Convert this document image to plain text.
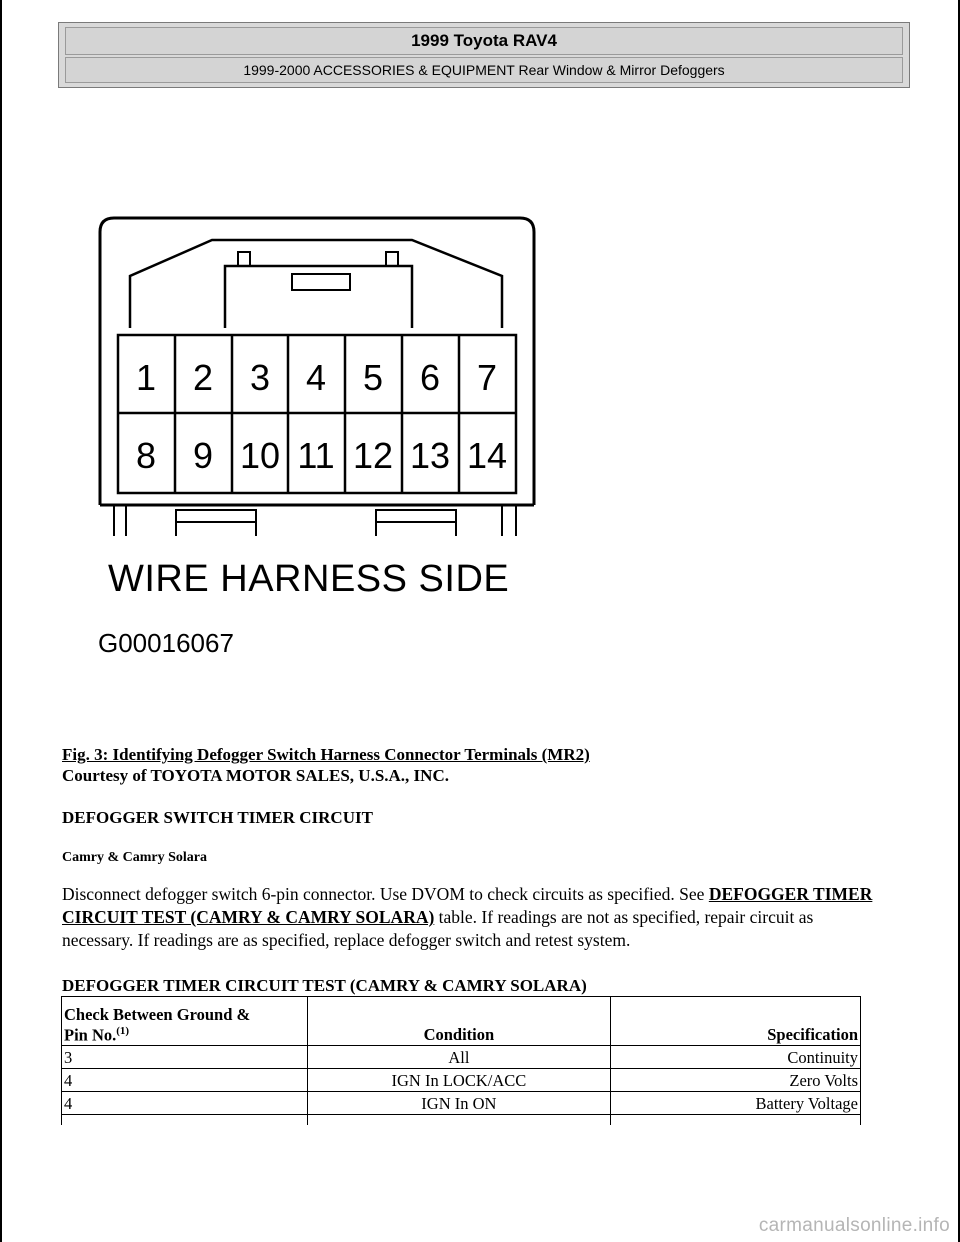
1999 Toyota RAV4
1999-2000 ACCESSORIES & EQUIPMENT Rear Window & Mirror Defoggers
1	2	3 4	5	6	7
8	9 10 11 12 13 14
WIRE HARNESS SIDE
G00016067
Fig. 3: Identifying Defogger Switch Harness Connector Terminals (MR2)
Courtesy of TOYOTA MOTOR SALES, U.S.A., INC.
DEFOGGER SWITCH TIMER CIRCUIT
Camry & Camry Solara
Disconnect defogger switch 6-pin connector. Use DVOM to check circuits as specified. See DEFOGGER TIMER CIRCUIT TEST (CAMRY & CAMRY SOLARA) table. If readings are not as specified, repair circuit as necessary. If readings are as specified, replace defogger switch and retest system.
DEFOGGER TIMER CIRCUIT TEST (CAMRY & CAMRY SOLARA)
Check Between Ground &
Pin No.$^{(1)}$	Condition	Specification
3	All	Continuity
4	IGN In LOCK/ACC	Zero Volts
4	IGN In ON	Battery Voltage

carmanualsonline.info
